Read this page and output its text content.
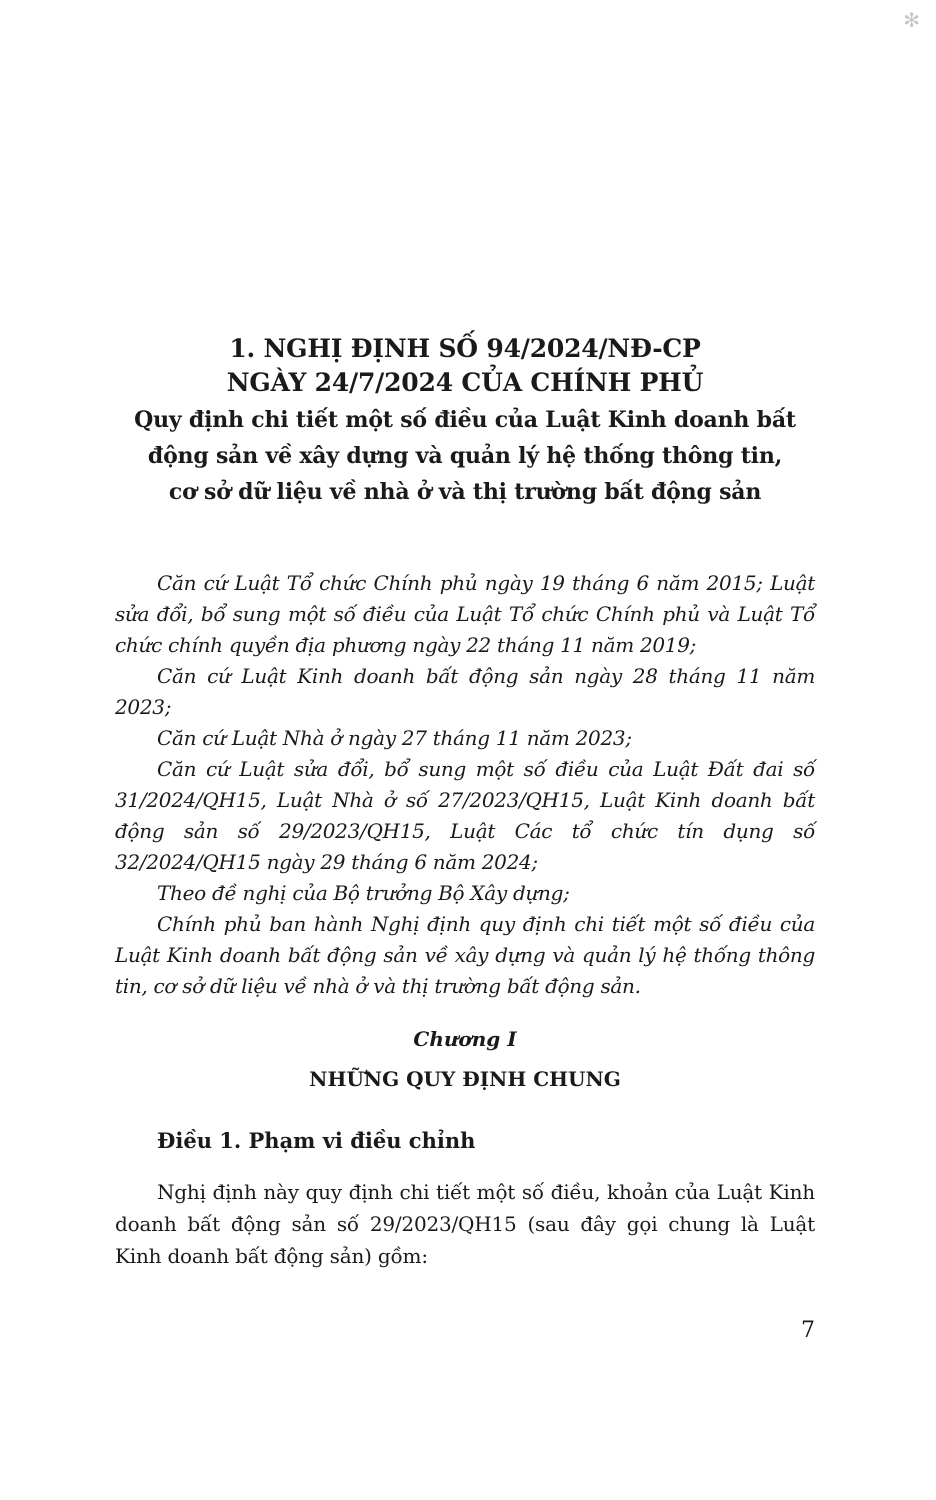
✻
1. NGHỊ ĐỊNH SỐ 94/2024/NĐ-CP
NGÀY 24/7/2024 CỦA CHÍNH PHỦ
Quy định chi tiết một số điều của Luật Kinh doanh bất
động sản về xây dựng và quản lý hệ thống thông tin,
cơ sở dữ liệu về nhà ở và thị trường bất động sản

Căn cứ Luật Tổ chức Chính phủ ngày 19 tháng 6 năm 2015; Luật sửa đổi, bổ sung một số điều của Luật Tổ chức Chính phủ và Luật Tổ chức chính quyền địa phương ngày 22 tháng 11 năm 2019;

Căn cứ Luật Kinh doanh bất động sản ngày 28 tháng 11 năm 2023;

Căn cứ Luật Nhà ở ngày 27 tháng 11 năm 2023;

Căn cứ Luật sửa đổi, bổ sung một số điều của Luật Đất đai số 31/2024/QH15, Luật Nhà ở số 27/2023/QH15, Luật Kinh doanh bất động sản số 29/2023/QH15, Luật Các tổ chức tín dụng số 32/2024/QH15 ngày 29 tháng 6 năm 2024;

Theo đề nghị của Bộ trưởng Bộ Xây dựng;

Chính phủ ban hành Nghị định quy định chi tiết một số điều của Luật Kinh doanh bất động sản về xây dựng và quản lý hệ thống thông tin, cơ sở dữ liệu về nhà ở và thị trường bất động sản.

Chương I
NHỮNG QUY ĐỊNH CHUNG
Điều 1. Phạm vi điều chỉnh

Nghị định này quy định chi tiết một số điều, khoản của Luật Kinh doanh bất động sản số 29/2023/QH15 (sau đây gọi chung là Luật Kinh doanh bất động sản) gồm:

7
